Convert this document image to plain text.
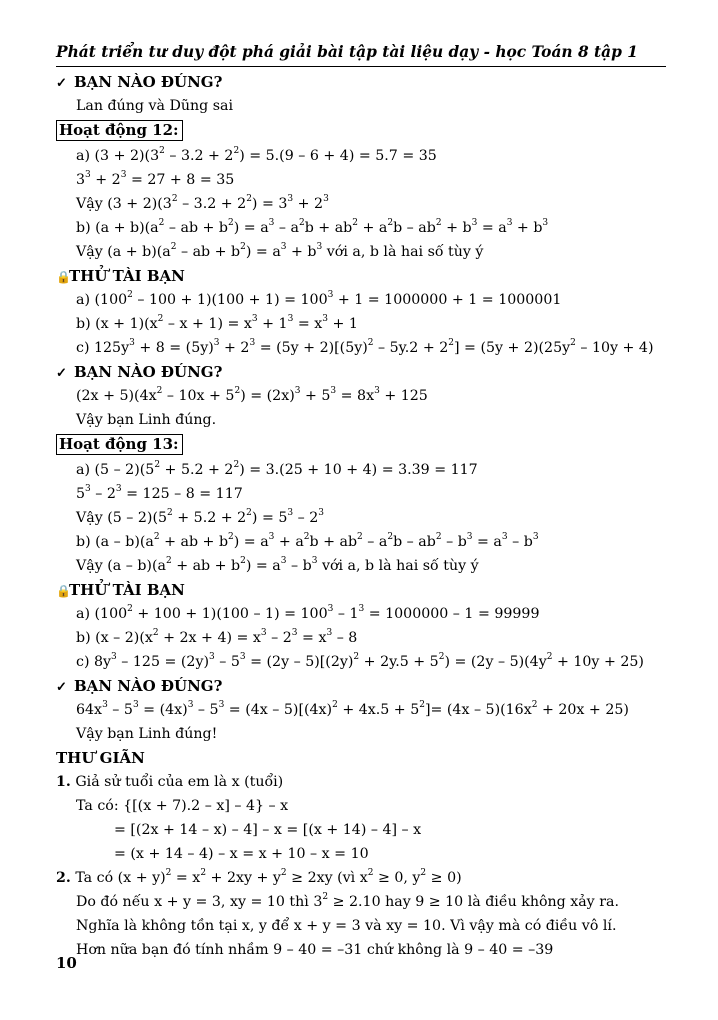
Phát triển tư duy đột phá giải bài tập tài liệu dạy - học Toán 8 tập 1
✓ BẠN NÀO ĐÚNG?
Lan đúng và Dũng sai
Hoạt động 12:
a) $(3 + 2)(3^2 - 3.2 + 2^2) = 5.(9 - 6 + 4) = 5.7 = 35$
$3^3 + 2^3 = 27 + 8 = 35$
Vậy $(3 + 2)(3^2 - 3.2 + 2^2) = 3^3 + 2^3$
b) $(a + b)(a^2$ – ab + $b^2) = a^3 - a^2b + ab^2 + a^2b - ab^2 + b^3 = a^3 + b^3$
Vậy $(a + b)(a^2$ – ab + $b^2) = a^3 + b^3$ với a, b là hai số tùy ý
🔒THỬ TÀI BẠN
a) $(100^2 - 100 + 1)(100 + 1) = 100^3 + 1 = 1000000 + 1 = 1000001$
b) $(x + 1)(x^2 - x + 1) = x^3 + 1^3 = x^3 + 1$
c) $125y^3 + 8 = (5y)^3 + 2^3 = (5y + 2)[(5y)^2 - 5y.2 + 2^2] = (5y + 2)(25y^2 - 10y + 4)$
✓ BẠN NÀO ĐÚNG?
$(2x + 5)(4x^2 - 10x + 5^2) = (2x)^3 + 5^3 = 8x^3 + 125$
Vậy bạn Linh đúng.
Hoạt động 13:
a) $(5 - 2)(5^2 + 5.2 + 2^2) = 3.(25 + 10 + 4) = 3.39 = 117$
$5^3 - 2^3 = 125 - 8 = 117$
Vậy $(5 - 2)(5^2 + 5.2 + 2^2) = 5^3 - 2^3$
b) $(a - b)(a^2$ + ab + $b^2) = a^3 + a^2b + ab^2 - a^2b - ab^2 - b^3 = a^3 - b^3$
Vậy $(a - b)(a^2$ + ab + $b^2) = a^3 - b^3$ với a, b là hai số tùy ý
🔒THỬ TÀI BẠN
a) $(100^2 + 100 + 1)(100 - 1) = 100^3 - 1^3 = 1000000 - 1 = 99999$
b) $(x - 2)(x^2 + 2x + 4) = x^3 - 2^3 = x^3 - 8$
c) $8y^3 - 125 = (2y)^3 - 5^3 = (2y - 5)[(2y)^2 + 2y.5 + 5^2) = (2y - 5)(4y^2 + 10y + 25)$
✓ BẠN NÀO ĐÚNG?
$64x^3 - 5^3 = (4x)^3 - 5^3 = (4x - 5)[(4x)^2 + 4x.5 + 5^2]= (4x - 5)(16x^2 + 20x + 25)$
Vậy bạn Linh đúng!
THƯ GIÃN
1. Giả sử tuổi của em là x (tuổi)
Ta có: {[(x + 7).2 – x] – 4} – x
= [(2x + 14 – x) – 4] – x = [(x + 14) – 4] – x
= (x + 14 – 4) – x = x + 10 – x = 10
2. Ta có $(x + y)^2 = x^2 + 2xy + y^2 \ge 2xy$ (vì $x^2 \ge 0$, $y^2 \ge 0$)
Do đó nếu x + y = 3, xy = 10 thì $3^2 \ge 2.10$ hay 9 ≥ 10 là điều không xảy ra.
Nghĩa là không tồn tại x, y để x + y = 3 và xy = 10. Vì vậy mà có điều vô lí.
Hơn nữa bạn đó tính nhầm 9 – 40 = –31 chứ không là 9 – 40 = –39
10
